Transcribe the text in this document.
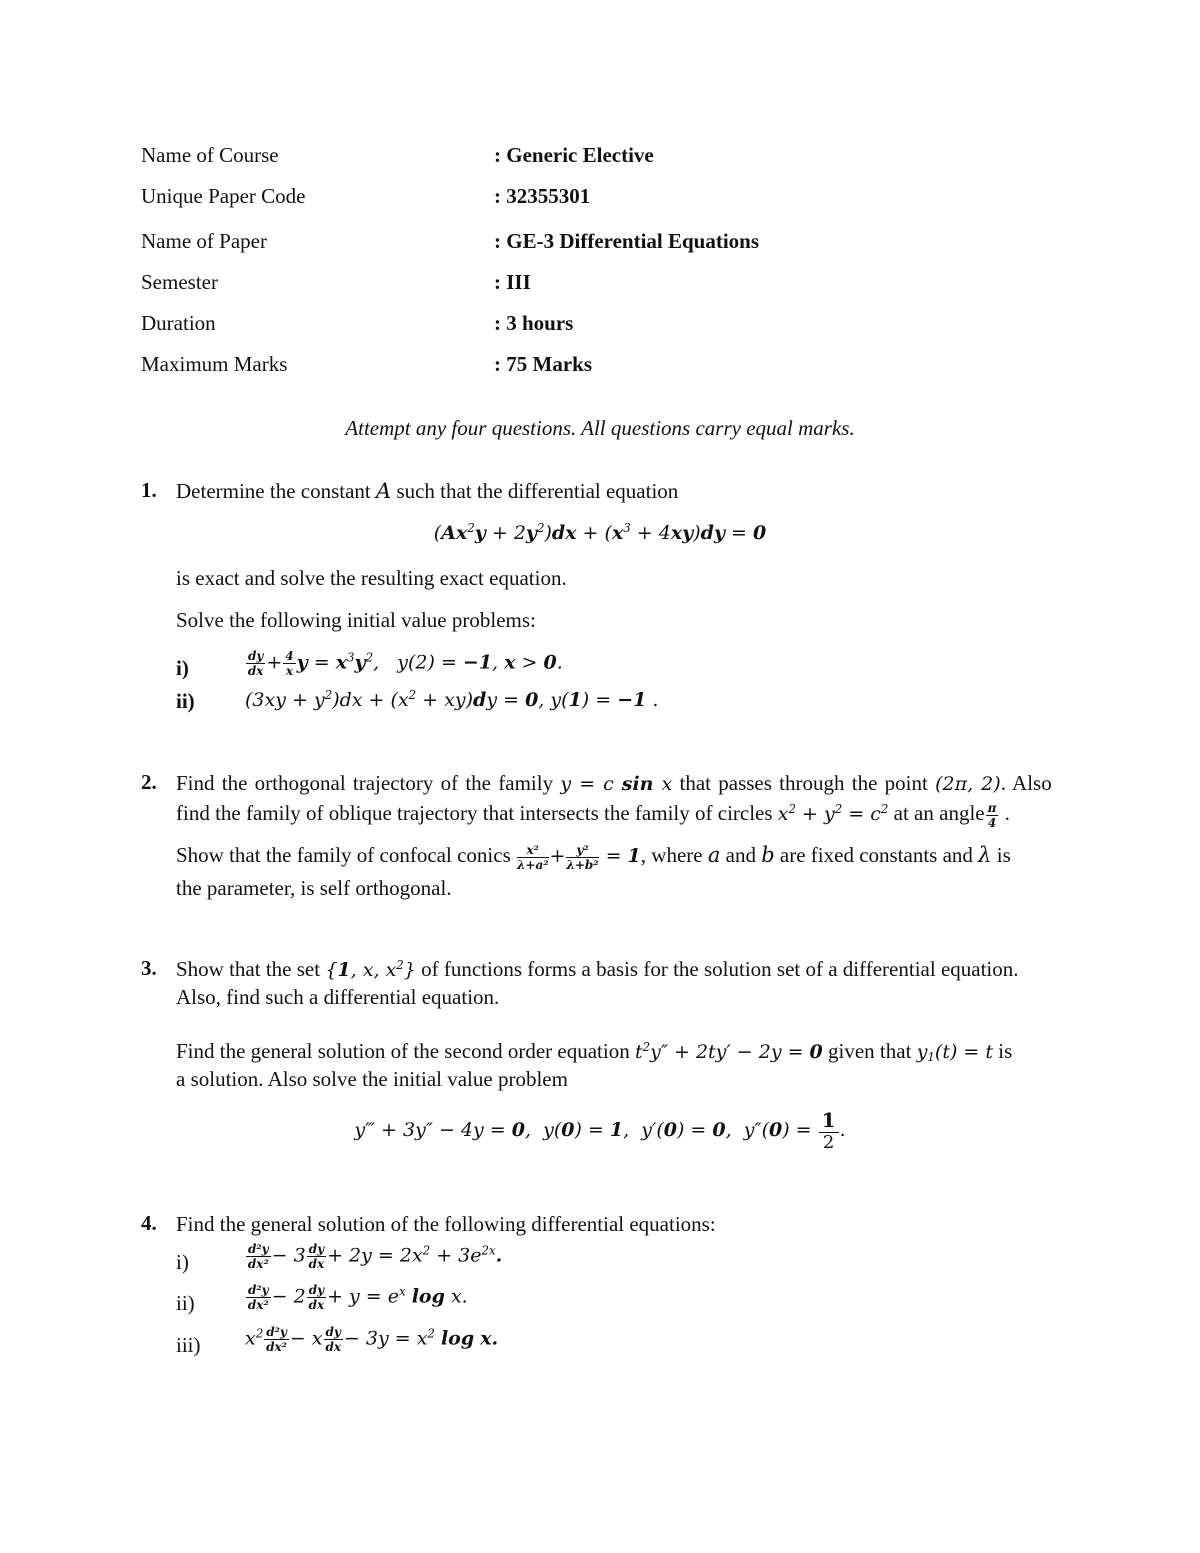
Name of Course	: Generic Elective
Unique Paper Code	: 32355301
Name of Paper	: GE-3 Differential Equations
Semester	: III
Duration	: 3 hours
Maximum Marks	: 75 Marks
Attempt any four questions. All questions carry equal marks.
1. Determine the constant A such that the differential equation
$(Ax^2y + 2y^2)dx + (x^3 + 4xy)dy = 0$
is exact and solve the resulting exact equation.
Solve the following initial value problems:
i)	$\frac{dy}{dx} + \frac{4}{x}$ $y = x^3y^2$,   y(2) = −1, x > 0.
ii)	$(3xy + y^2)dx + (x^2 + xy)dy = 0$, y(1) = −1 .
2. Find the orthogonal trajectory of the family y = c sin x that passes through the point (2π, 2). Also
find the family of oblique trajectory that intersects the family of circles $x^2 + y^2 = c^2$ at an angle $\frac{\pi}{4}$ .
Show that the family of confocal conics $\frac{\text{x²}}{\text{λ+a²}} + \frac{\text{y²}}{\text{λ+b²}} = 1$, where a and b are fixed constants and λ is
the parameter, is self orthogonal.
3. Show that the set {1, x, $x^2$} of functions forms a basis for the solution set of a differential equation.
Also, find such a differential equation.
Find the general solution of the second order equation $t^2y'' + 2ty' - 2y = 0$ given that $y_1(t) = t$ is
a solution. Also solve the initial value problem
y‴ + 3y″ − 4y = 0,  y(0) = 1,  y′(0) = 0,  $y''(0) = \frac{1}{2}$ .
4. Find the general solution of the following differential equations:
i)	$\frac{\text{d²y}}{\text{dx²}} - 3 \frac{dy}{dx} + 2y = 2x^2 + 3e^{2x}$.
ii)	$\frac{\text{d²y}}{\text{dx²}} - 2 \frac{dy}{dx} + y = e^x$ log x.
iii) $x^2 \frac{\text{d²y}}{\text{dx²}} - x \frac{dy}{dx} - 3y = x^2$ log x.
